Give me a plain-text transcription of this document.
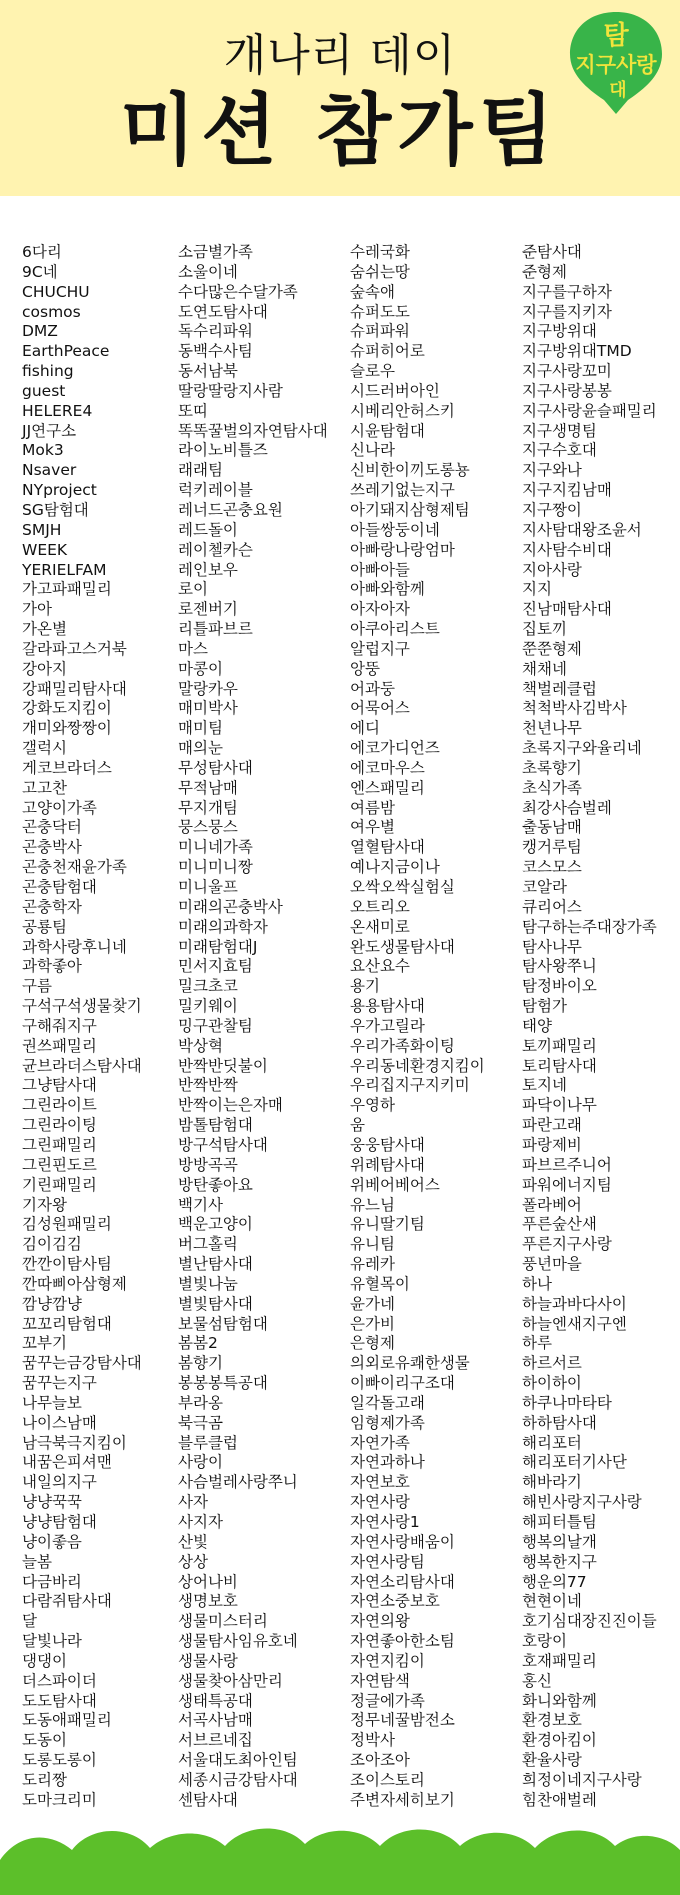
개나리 데이
미션 참가팀
탐
지구사랑
대
6다리
9C네
CHUCHU
cosmos
DMZ
EarthPeace
fishing
guest
HELERE4
JJ연구소
Mok3
Nsaver
NYproject
SG탐험대
SMJH
WEEK
YERIELFAM
가고파패밀리
가아
가온별
갈라파고스거북
강아지
강패밀리탐사대
강화도지킴이
개미와짱짱이
갤럭시
게코브라더스
고고찬
고양이가족
곤충닥터
곤충박사
곤충천재윤가족
곤충탐험대
곤충학자
공룡팀
과학사랑후니네
과학좋아
구름
구석구석생물찾기
구해줘지구
권쓰패밀리
균브라더스탐사대
그냥탐사대
그린라이트
그린라이팅
그린패밀리
그린핀도르
기린패밀리
기자왕
김성원패밀리
김이김김
깐깐이탐사팀
깐따삐아삼형제
깜냥깜냥
꼬꼬리탐험대
꼬부기
꿈꾸는금강탐사대
꿈꾸는지구
나무늘보
나이스남매
남극북극지킴이
내꿈은피셔맨
내일의지구
냥냥꾹꾹
냥냥탐험대
냥이좋음
늘봄
다금바리
다람쥐탐사대
달
달빛나라
댕댕이
더스파이더
도도탐사대
도동애패밀리
도동이
도롱도롱이
도리짱
도마크리미
소금별가족
소울이네
수다많은수달가족
도연도탐사대
독수리파워
동백수사팀
동서남북
딸랑딸랑지사람
또띠
똑똑꿀벌의자연탐사대
라이노비틀즈
래래팀
럭키레이블
레너드곤충요원
레드돌이
레이첼카슨
레인보우
로이
로젠버기
리틀파브르
마스
마콩이
말랑카우
매미박사
매미팀
매의눈
무성탐사대
무적남매
무지개팀
뭉스뭉스
미니네가족
미니미니짱
미니울프
미래의곤충박사
미래의과학자
미래탐험대J
민서지효팀
밀크초코
밀키웨이
밍구관찰팀
박상혁
반짝반딧불이
반짝반짝
반짝이는은자매
밤톨탐험대
방구석탐사대
방방곡곡
방탄좋아요
백기사
백운고양이
버그홀릭
별난탐사대
별빛나눔
별빛탐사대
보물섬탐험대
봄봄2
봄향기
봉봉봉특공대
부라옹
북극곰
블루클럽
사랑이
사슴벌레사랑쭈니
사자
사지자
산빛
상상
상어나비
생명보호
생물미스터리
생물탐사임유호네
생물사랑
생물찾아삼만리
생태특공대
서곡사남매
서브르네집
서울대도최아인팀
세종시금강탐사대
센탐사대
수레국화
숨쉬는땅
숲속애
슈퍼도도
슈퍼파워
슈퍼히어로
슬로우
시드러버아인
시베리안허스키
시윤탐험대
신나라
신비한이끼도롱뇽
쓰레기없는지구
아기돼지삼형제팀
아들쌍둥이네
아빠랑나랑엄마
아빠아들
아빠와함께
아자아자
아쿠아리스트
알럽지구
앙뚱
어과둥
어묵어스
에디
에코가디언즈
에코마우스
엔스패밀리
여름밤
여우별
열혈탐사대
예나지금이나
오싹오싹실험실
오트리오
온새미로
완도생물탐사대
요산요수
용기
용용탐사대
우가고릴라
우리가족화이팅
우리동네환경지킴이
우리집지구지키미
우영하
움
웅웅탐사대
위례탐사대
위베어베어스
유느님
유니딸기팀
유니팀
유레카
유혈목이
윤가네
은가비
은형제
의외로유쾌한생물
이빠이리구조대
일각돌고래
임형제가족
자연가족
자연과하나
자연보호
자연사랑
자연사랑1
자연사랑배움이
자연사랑팀
자연소리탐사대
자연소중보호
자연의왕
자연좋아한소팀
자연지킴이
자연탐색
정글에가족
정무네꿀밤전소
정박사
조아조아
조이스토리
주변자세히보기
준탐사대
준형제
지구를구하자
지구를지키자
지구방위대
지구방위대TMD
지구사랑꼬미
지구사랑봉봉
지구사랑윤슬패밀리
지구생명팀
지구수호대
지구와나
지구지킴남매
지구짱이
지사탐대왕조윤서
지사탐수비대
지아사랑
지지
진남매탐사대
집토끼
쭌쭌형제
채채네
책벌레클럽
척척박사김박사
천년나무
초록지구와율리네
초록향기
초식가족
최강사슴벌레
출동남매
캥거루팀
코스모스
코알라
큐리어스
탐구하는주대장가족
탐사나무
탐사왕쭈니
탐정바이오
탐험가
태양
토끼패밀리
토리탐사대
토지네
파닥이나무
파란고래
파랑제비
파브르주니어
파워에너지팀
폴라베어
푸른숲산새
푸른지구사랑
풍년마을
하나
하늘과바다사이
하늘엔새지구엔
하루
하르서르
하이하이
하쿠나마타타
하하탐사대
해리포터
해리포터기사단
해바라기
해빈사랑지구사랑
해피터틀팀
행복의날개
행복한지구
행운의77
현현이네
호기심대장진진이들
호랑이
호재패밀리
홍신
화니와함께
환경보호
환경아킴이
환율사랑
희정이네지구사랑
힘찬애벌레
